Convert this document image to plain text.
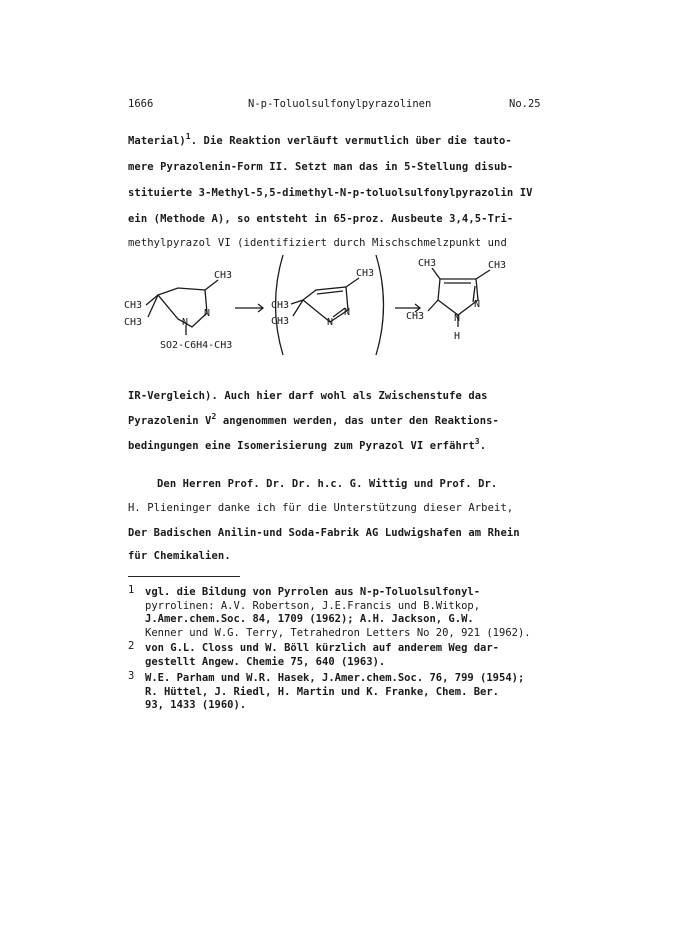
1666	N-p-Toluolsulfonylpyrazolinen	No.25
Material)$^1$. Die Reaktion verläuft vermutlich über die tauto-
mere Pyrazolenin-Form II. Setzt man das in 5-Stellung disub-
stituierte 3-Methyl-5,5-dimethyl-N-p-toluolsulfonylpyrazolin IV
ein (Methode A), so entsteht in 65-proz. Ausbeute 3,4,5-Tri-
methylpyrazol VI (identifiziert durch Mischschmelzpunkt und
CH3
CH3
CH3	N
N
SO2-C6H4-CH3
CH3
CH3
CH3	N
N
CH3	CH3
CH3	N
N
H
IR-Vergleich). Auch hier darf wohl als Zwischenstufe das
Pyrazolenin $V^2$ angenommen werden, das unter den Reaktions-
bedingungen eine Isomerisierung zum Pyrazol VI erfährt$^3$.
Den Herren Prof. Dr. Dr. h.c. G. Wittig und Prof. Dr.
H. Plieninger danke ich für die Unterstützung dieser Arbeit,
Der Badischen Anilin-und Soda-Fabrik AG Ludwigshafen am Rhein
für Chemikalien.
1 vgl. die Bildung von Pyrrolen aus N-p-Toluolsulfonyl-
pyrrolinen: A.V. Robertson, J.E.Francis und B.Witkop,
J.Amer.chem.Soc. 84, 1709 (1962); A.H. Jackson, G.W.
Kenner und W.G. Terry, Tetrahedron Letters No 20, 921 (1962).
2 von G.L. Closs und W. Böll kürzlich auf anderem Weg dar-
gestellt Angew. Chemie 75, 640 (1963).
3 W.E. Parham und W.R. Hasek, J.Amer.chem.Soc. 76, 799 (1954);
R. Hüttel, J. Riedl, H. Martin und K. Franke, Chem. Ber.
93, 1433 (1960).
